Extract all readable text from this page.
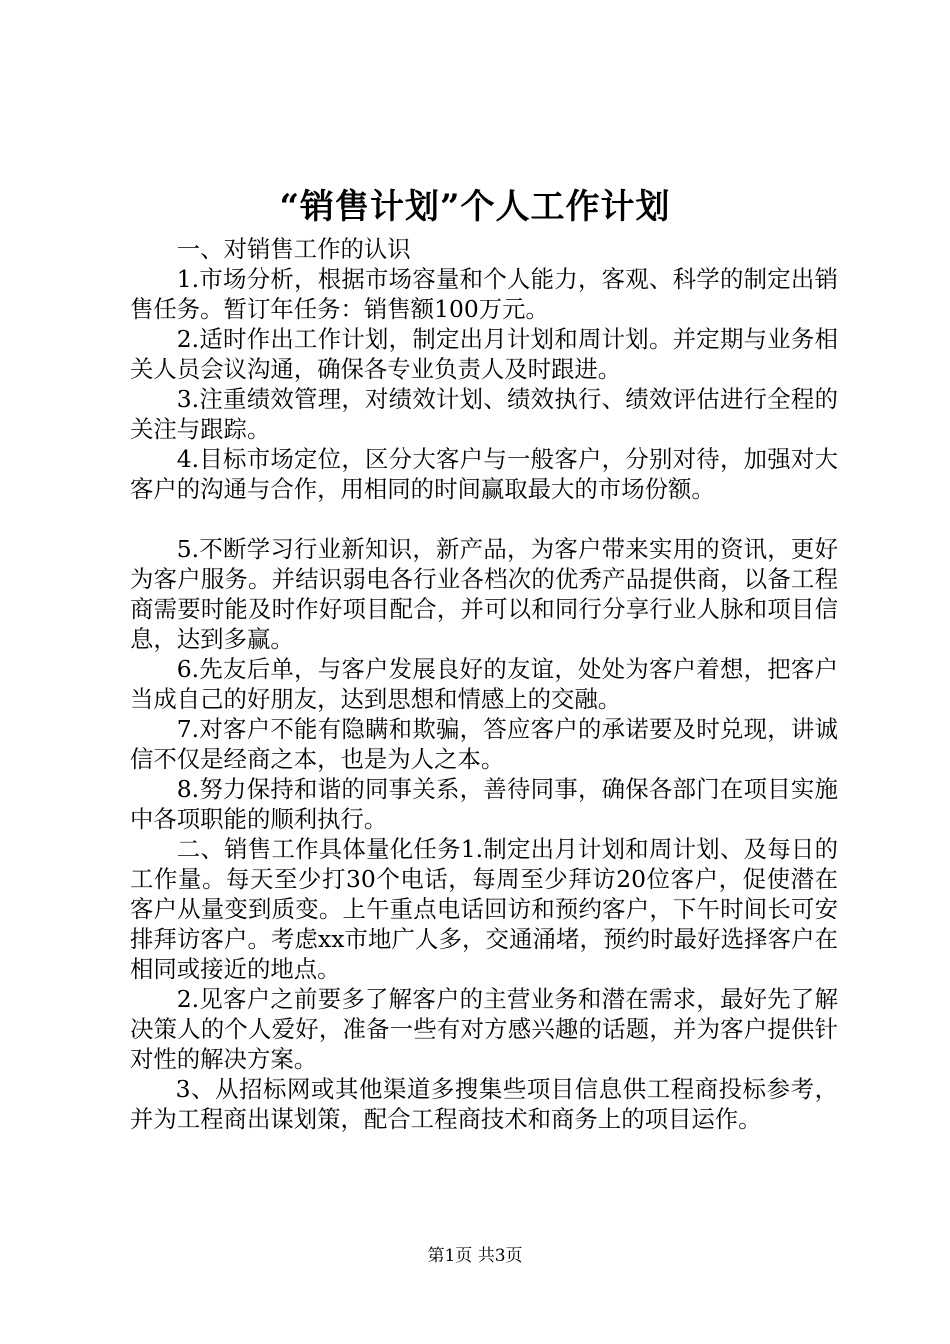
“销售计划”个人工作计划

一、对销售工作的认识

1.市场分析，根据市场容量和个人能力，客观、科学的制定出销售任务。暂订年任务：销售额100万元。

2.适时作出工作计划，制定出月计划和周计划。并定期与业务相关人员会议沟通，确保各专业负责人及时跟进。

3.注重绩效管理，对绩效计划、绩效执行、绩效评估进行全程的关注与跟踪。

4.目标市场定位，区分大客户与一般客户，分别对待，加强对大客户的沟通与合作，用相同的时间赢取最大的市场份额。

5.不断学习行业新知识，新产品，为客户带来实用的资讯，更好为客户服务。并结识弱电各行业各档次的优秀产品提供商，以备工程商需要时能及时作好项目配合，并可以和同行分享行业人脉和项目信息，达到多赢。

6.先友后单，与客户发展良好的友谊，处处为客户着想，把客户当成自己的好朋友，达到思想和情感上的交融。

7.对客户不能有隐瞒和欺骗，答应客户的承诺要及时兑现，讲诚信不仅是经商之本，也是为人之本。

8.努力保持和谐的同事关系，善待同事，确保各部门在项目实施中各项职能的顺利执行。

二、销售工作具体量化任务1.制定出月计划和周计划、及每日的工作量。每天至少打30个电话，每周至少拜访20位客户，促使潜在客户从量变到质变。上午重点电话回访和预约客户，下午时间长可安排拜访客户。考虑xx市地广人多，交通涌堵，预约时最好选择客户在相同或接近的地点。

2.见客户之前要多了解客户的主营业务和潜在需求，最好先了解决策人的个人爱好，准备一些有对方感兴趣的话题，并为客户提供针对性的解决方案。

3、从招标网或其他渠道多搜集些项目信息供工程商投标参考，并为工程商出谋划策，配合工程商技术和商务上的项目运作。

第1页 共3页
